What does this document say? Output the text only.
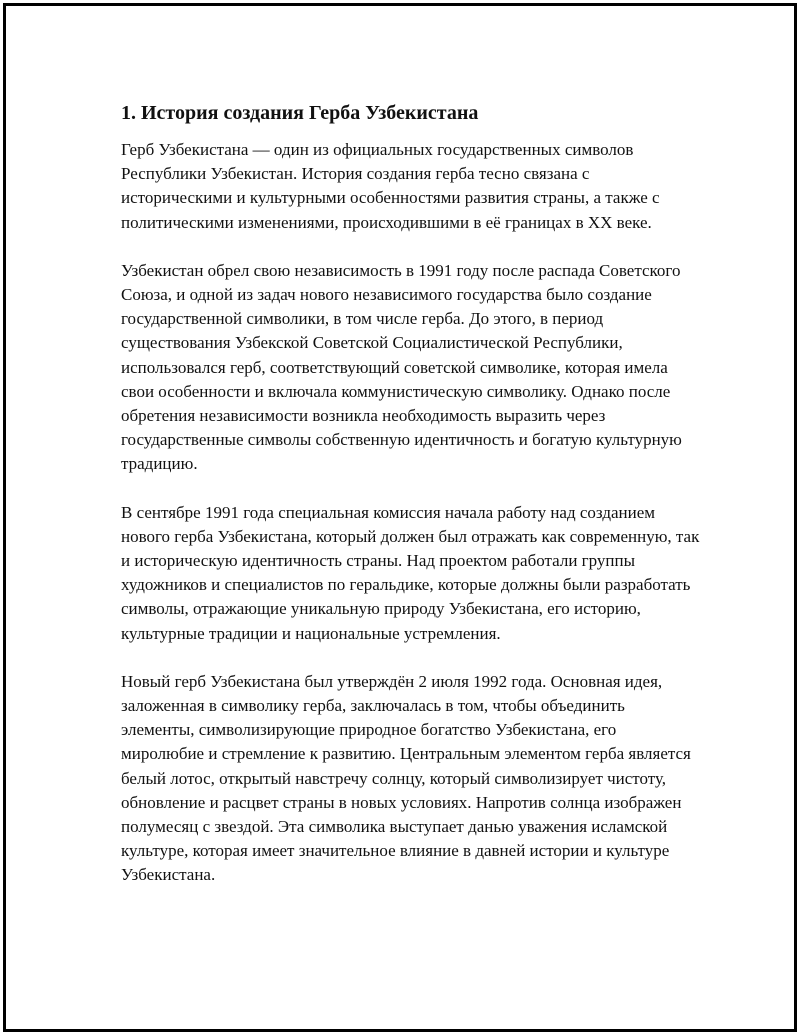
1. История создания Герба Узбекистана

Герб Узбекистана — один из официальных государственных символов Республики Узбекистан. История создания герба тесно связана с историческими и культурными особенностями развития страны, а также с политическими изменениями, происходившими в её границах в XX веке.

Узбекистан обрел свою независимость в 1991 году после распада Советского Союза, и одной из задач нового независимого государства было создание государственной символики, в том числе герба. До этого, в период существования Узбекской Советской Социалистической Республики, использовался герб, соответствующий советской символике, которая имела свои особенности и включала коммунистическую символику. Однако после обретения независимости возникла необходимость выразить через государственные символы собственную идентичность и богатую культурную традицию.

В сентябре 1991 года специальная комиссия начала работу над созданием нового герба Узбекистана, который должен был отражать как современную, так и историческую идентичность страны. Над проектом работали группы художников и специалистов по геральдике, которые должны были разработать символы, отражающие уникальную природу Узбекистана, его историю, культурные традиции и национальные устремления.

Новый герб Узбекистана был утверждён 2 июля 1992 года. Основная идея, заложенная в символику герба, заключалась в том, чтобы объединить элементы, символизирующие природное богатство Узбекистана, его миролюбие и стремление к развитию. Центральным элементом герба является белый лотос, открытый навстречу солнцу, который символизирует чистоту, обновление и расцвет страны в новых условиях. Напротив солнца изображен полумесяц с звездой. Эта символика выступает данью уважения исламской культуре, которая имеет значительное влияние в давней истории и культуре Узбекистана.
